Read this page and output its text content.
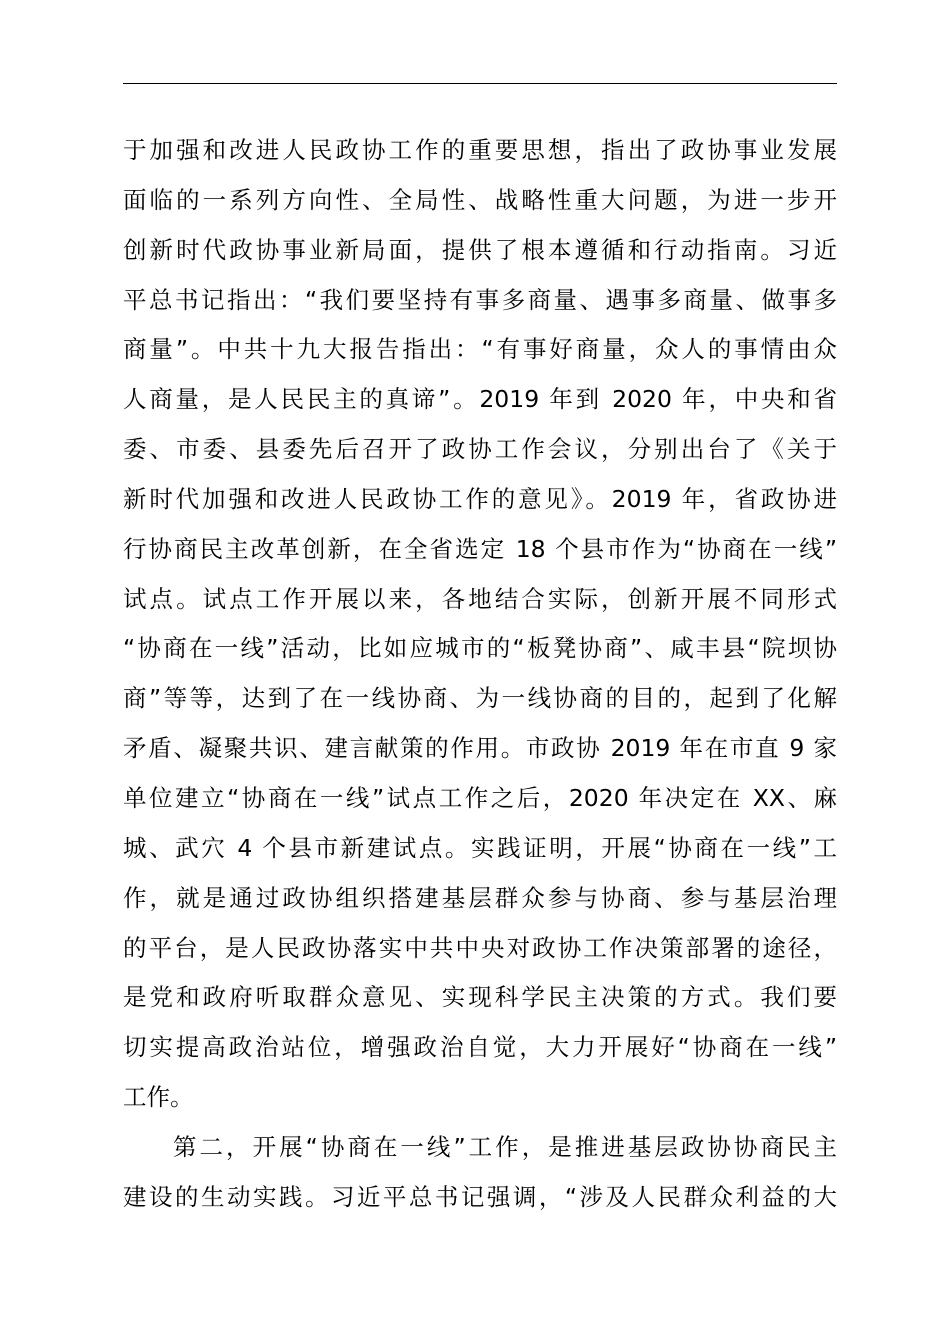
于加强和改进人民政协工作的重要思想，指出了政协事业发展
面临的一系列方向性、全局性、战略性重大问题，为进一步开
创新时代政协事业新局面，提供了根本遵循和行动指南。习近
平总书记指出：“我们要坚持有事多商量、遇事多商量、做事多
商量”。中共十九大报告指出：“有事好商量，众人的事情由众
人商量，是人民民主的真谛”。2019 年到 2020 年，中央和省
委、市委、县委先后召开了政协工作会议，分别出台了《关于
新时代加强和改进人民政协工作的意见》。2019 年，省政协进
行协商民主改革创新，在全省选定 18 个县市作为“协商在一线”
试点。试点工作开展以来，各地结合实际，创新开展不同形式
“协商在一线”活动，比如应城市的“板凳协商”、咸丰县“院坝协
商”等等，达到了在一线协商、为一线协商的目的，起到了化解
矛盾、凝聚共识、建言献策的作用。市政协 2019 年在市直 9 家
单位建立“协商在一线”试点工作之后，2020 年决定在 XX、麻
城、武穴 4 个县市新建试点。实践证明，开展“协商在一线”工
作，就是通过政协组织搭建基层群众参与协商、参与基层治理
的平台，是人民政协落实中共中央对政协工作决策部署的途径，
是党和政府听取群众意见、实现科学民主决策的方式。我们要
切实提高政治站位，增强政治自觉，大力开展好“协商在一线”
工作。
第二，开展“协商在一线”工作，是推进基层政协协商民主
建设的生动实践。习近平总书记强调，“涉及人民群众利益的大
